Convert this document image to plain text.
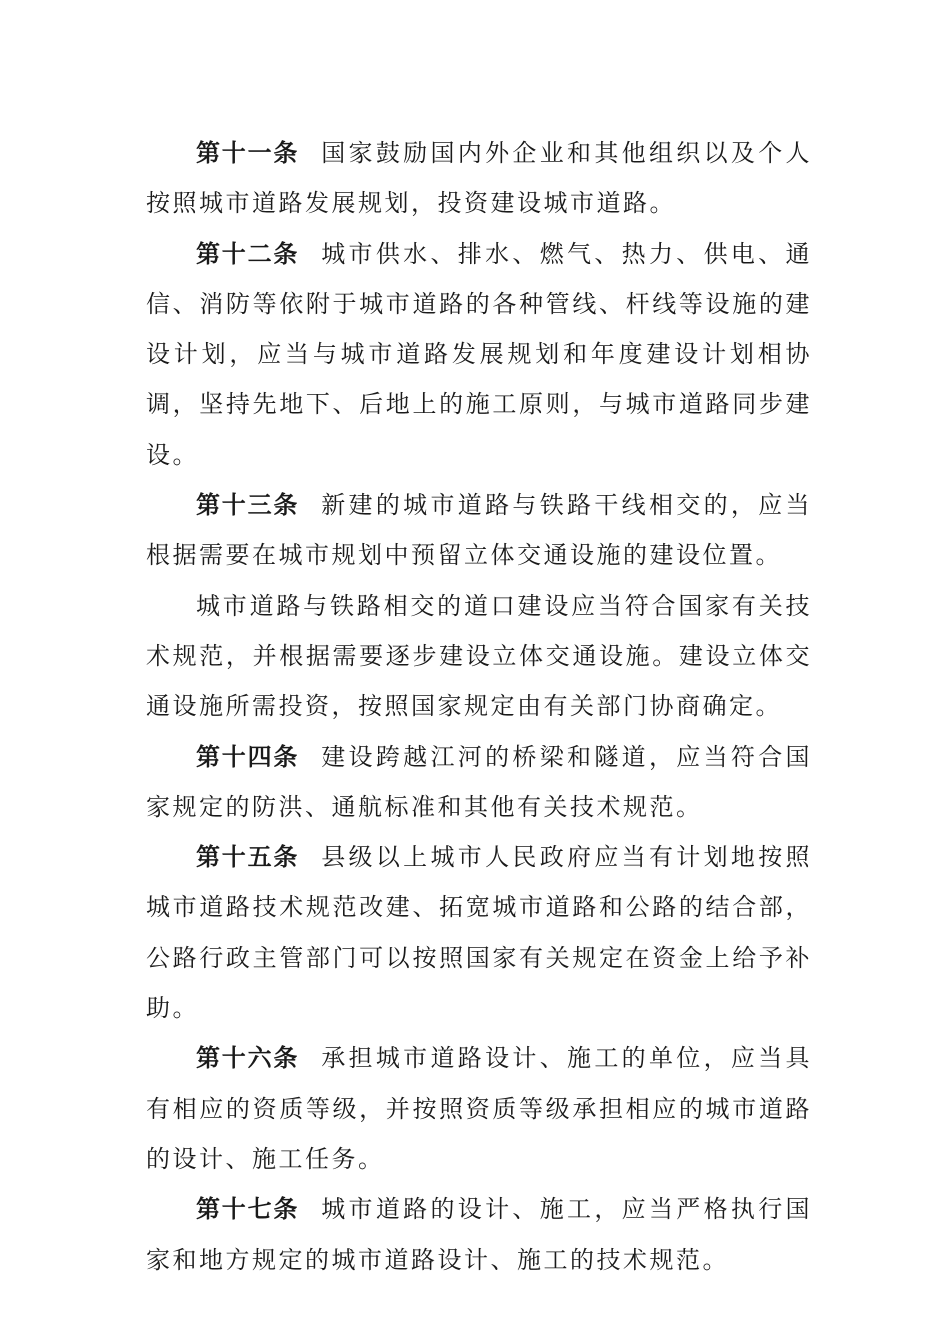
第十一条 国家鼓励国内外企业和其他组织以及个人按照城市道路发展规划，投资建设城市道路。

第十二条 城市供水、排水、燃气、热力、供电、通信、消防等依附于城市道路的各种管线、杆线等设施的建设计划，应当与城市道路发展规划和年度建设计划相协调，坚持先地下、后地上的施工原则，与城市道路同步建设。

第十三条 新建的城市道路与铁路干线相交的，应当根据需要在城市规划中预留立体交通设施的建设位置。

城市道路与铁路相交的道口建设应当符合国家有关技术规范，并根据需要逐步建设立体交通设施。建设立体交通设施所需投资，按照国家规定由有关部门协商确定。

第十四条 建设跨越江河的桥梁和隧道，应当符合国家规定的防洪、通航标准和其他有关技术规范。

第十五条 县级以上城市人民政府应当有计划地按照城市道路技术规范改建、拓宽城市道路和公路的结合部，公路行政主管部门可以按照国家有关规定在资金上给予补助。

第十六条 承担城市道路设计、施工的单位，应当具有相应的资质等级，并按照资质等级承担相应的城市道路的设计、施工任务。

第十七条 城市道路的设计、施工，应当严格执行国家和地方规定的城市道路设计、施工的技术规范。
